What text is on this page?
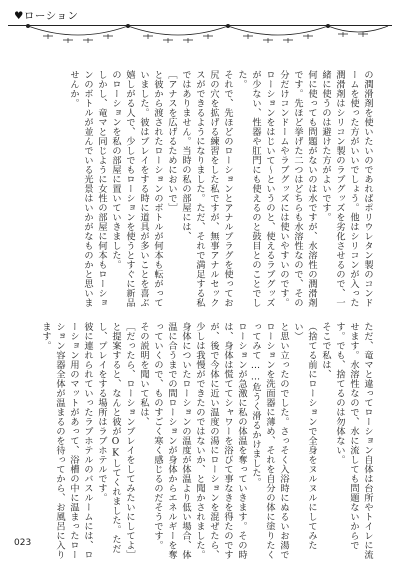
♥ローション

の潤滑剤を使いたいのであればポリウレタン製のコンドームを使った方がいいでしょう。他はシリコンが入った潤滑剤はシリコン製のラブグッズを劣化させるので、一緒に使うのは避けた方がよいです。

何に使っても問題がないのは水ですが、水溶性の潤滑剤です。先ほど挙げた二つはどちらも水溶性なので、その分だけコンドームやラブグッズには使いやすいのです。

ローションをはじいて～というのと、使えるラブグッズが少ない、性器や肛門にも使えるのと鼓目とのことでした。

それで、先ほどのローションとアナルプラグを使ってお尻の穴を拡げる練習をした私ですが、無事アナルセックスができるようになりました。ただ、それで満足する私ではありません。当時の私の部屋には、

［アナスを広げるためにおいで］

と彼から渡されたローションのボトルが何本も転がっていました。彼はプレイをする時に道具が多いことを喜ぶ嬉しがる人で、少しでもローションを使うとすぐに新品のローションを私の部屋に置いていきました。

しかし、竜マと同じように女性の部屋に何本もローションのボトルが並んでいる光景はいかがなものかと思いませんか。

ただ、竜マと違ってローション自体は台所やトイレに流せます。水溶性なので、水に流しても問題ないからです。でも、捨てるのは勿体ない。

そこで私は、

（捨てる前にローションで全身をヌルヌルにしてみたい）

と思い立ったのでした。さっそく入浴時にぬるいお湯でローションを洗面器に薄め、それを自分の体に塗りたくってみて……危うく滑るかけました。

ローションが急激に私の体温を奪っていきます。その時は、身体は慌ててシャワーを浴びて事なきを得たのですが、後で今体に近い温度の湯にローションを混ぜたら、少しは我慢ができたのではないか、と聞かされました。

身体についたローションの温度が体温より低い場合、体温に合うまでの間ローションが身体からエネルギーを奪っていくので、ものすごく寒く感じるのだそうです。

その説明を聞いて私は、

［だったら、ローションプレイをしてみたいにしてよ］

と提案すると、なんと彼がOKしてくれました。ただし、プレイをする場所はラブホテルです。

彼に連れられていったラブホテルのバスルームには、ローション用のマットがあって、浴槽の中に温まったローション容器全体が温まるのを待ってから、お風呂に入ります。

023
